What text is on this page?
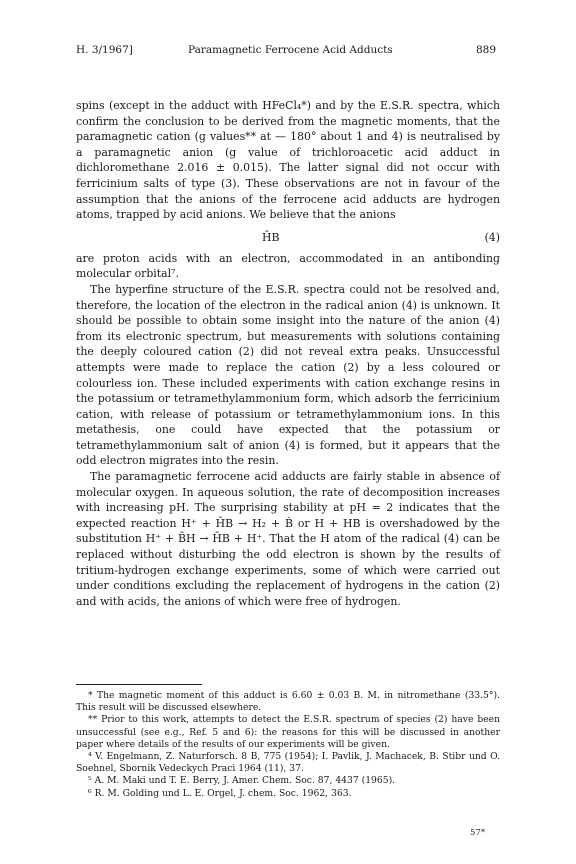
H. 3/1967]	Paramagnetic Ferrocene Acid Adducts	889

spins (except in the adduct with HFeCl₄*) and by the E.S.R. spectra, which confirm the conclusion to be derived from the magnetic moments, that the paramagnetic cation (g values** at — 180° about 1 and 4) is neutralised by a paramagnetic anion (g value of trichloroacetic acid adduct in dichloromethane 2.016 ± 0.015). The latter signal did not occur with ferricinium salts of type (3). These observations are not in favour of the assumption that the anions of the ferrocene acid adducts are hydrogen atoms, trapped by acid anions. We believe that the anions

H̄B	(4)

are proton acids with an electron, accommodated in an antibonding molecular orbital⁷.

The hyperfine structure of the E.S.R. spectra could not be resolved and, therefore, the location of the electron in the radical anion (4) is unknown. It should be possible to obtain some insight into the nature of the anion (4) from its electronic spectrum, but measurements with solutions containing the deeply coloured cation (2) did not reveal extra peaks. Unsuccessful attempts were made to replace the cation (2) by a less coloured or colourless ion. These included experiments with cation exchange resins in the potassium or tetramethylammonium form, which adsorb the ferricinium cation, with release of potassium or tetramethylammonium ions. In this metathesis, one could have expected that the potassium or tetramethylammonium salt of anion (4) is formed, but it appears that the odd electron migrates into the resin.

The paramagnetic ferrocene acid adducts are fairly stable in absence of molecular oxygen. In aqueous solution, the rate of decomposition increases with increasing pH. The surprising stability at pH = 2 indicates that the expected reaction H⁺ + H̄B → H₂ + Ḃ or H + HB is overshadowed by the substitution H⁺ + B̄H → H̄B + H⁺. That the H atom of the radical (4) can be replaced without disturbing the odd electron is shown by the results of tritium-hydrogen exchange experiments, some of which were carried out under conditions excluding the replacement of hydrogens in the cation (2) and with acids, the anions of which were free of hydrogen.

* The magnetic moment of this adduct is 6.60 ± 0.03 B. M. in nitromethane (33.5°). This result will be discussed elsewhere.

** Prior to this work, attempts to detect the E.S.R. spectrum of species (2) have been unsuccessful (see e.g., Ref. 5 and 6): the reasons for this will be discussed in another paper where details of the results of our experiments will be given.

⁴ V. Engelmann, Z. Naturforsch. 8 B, 775 (1954); I. Pavlik, J. Machacek, B. Stibr und O. Soehnel, Sbornik Vedeckych Praci 1964 (11), 37.

⁵ A. M. Maki und T. E. Berry, J. Amer. Chem. Soc. 87, 4437 (1965).

⁶ R. M. Golding und L. E. Orgel, J. chem. Soc. 1962, 363.

57*
